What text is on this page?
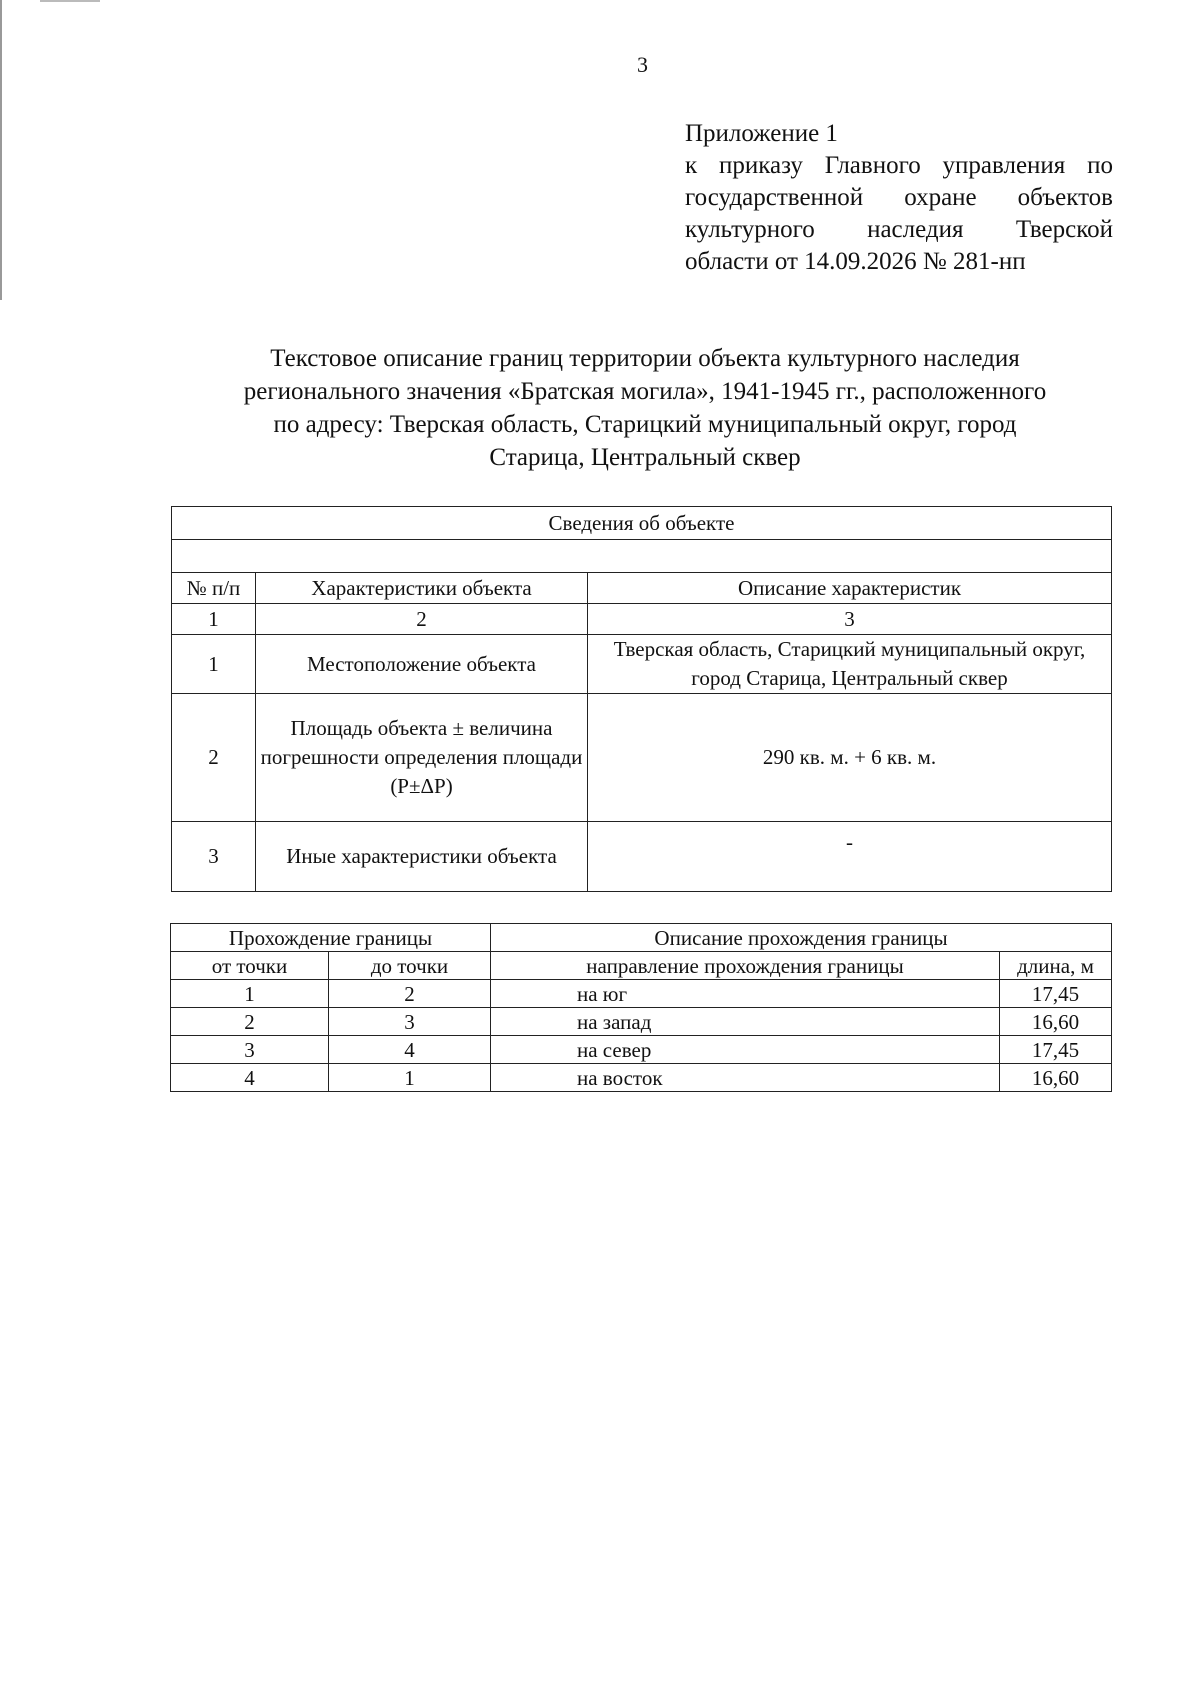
3
Приложение 1
к приказу Главного управления по
государственной охране объектов
культурного наследия Тверской
области от 14.09.2026 № 281-нп
Текстовое описание границ территории объекта культурного наследия
регионального значения «Братская могила», 1941-1945 гг., расположенного
по адресу: Тверская область, Старицкий муниципальный округ, город
Старица, Центральный сквер
Сведения об объекте		

№ п/п	Характеристики объекта	Описание характеристик
1	2	3
1	Местоположение объекта	Тверская область, Старицкий муниципальный округ, город Старица, Центральный сквер
2	Площадь объекта ± величина погрешности определения площади (P±ΔP)	290 кв. м. + 6 кв. м.
3	Иные характеристики объекта	-
Прохождение границы		Описание прохождения границы	
от точки	до точки	направление прохождения границы	длина, м
1	2	на юг	17,45
2	3	на запад	16,60
3	4	на север	17,45
4	1	на восток	16,60
